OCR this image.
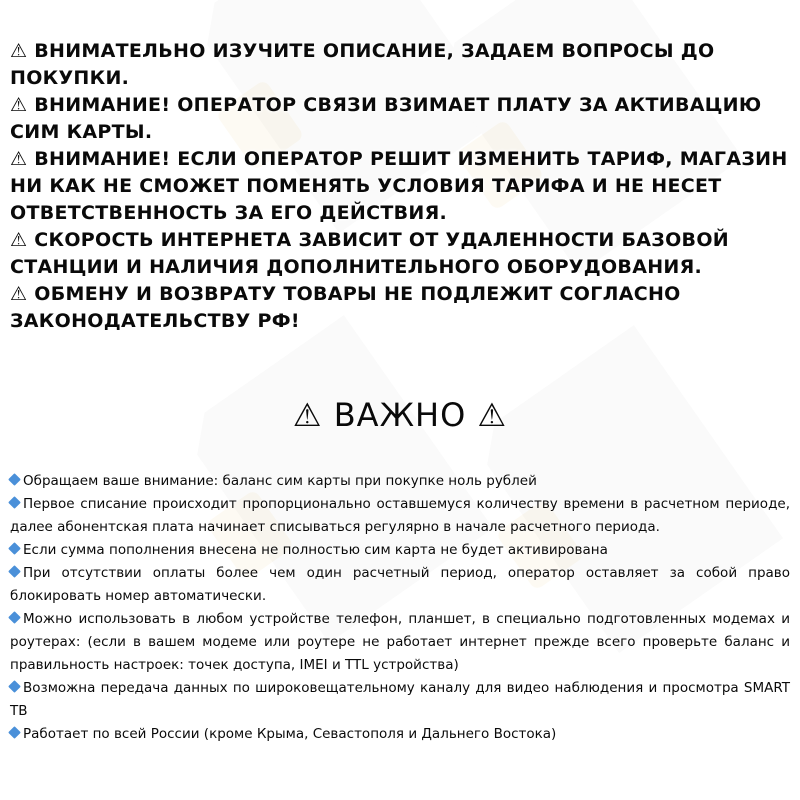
⚠ ВНИМАТЕЛЬНО ИЗУЧИТЕ ОПИСАНИЕ, ЗАДАЕМ ВОПРОСЫ ДО ПОКУПКИ.

⚠ ВНИМАНИЕ! ОПЕРАТОР СВЯЗИ ВЗИМАЕТ ПЛАТУ ЗА АКТИВАЦИЮ СИМ КАРТЫ.

⚠ ВНИМАНИЕ! ЕСЛИ ОПЕРАТОР РЕШИТ ИЗМЕНИТЬ ТАРИФ, МАГАЗИН НИ КАК НЕ СМОЖЕТ ПОМЕНЯТЬ УСЛОВИЯ ТАРИФА И НЕ НЕСЕТ ОТВЕТСТВЕННОСТЬ ЗА ЕГО ДЕЙСТВИЯ.

⚠ СКОРОСТЬ ИНТЕРНЕТА ЗАВИСИТ ОТ УДАЛЕННОСТИ БАЗОВОЙ СТАНЦИИ И НАЛИЧИЯ ДОПОЛНИТЕЛЬНОГО ОБОРУДОВАНИЯ.

⚠ ОБМЕНУ И ВОЗВРАТУ ТОВАРЫ НЕ ПОДЛЕЖИТ СОГЛАСНО ЗАКОНОДАТЕЛЬСТВУ РФ!

⚠ ВАЖНО ⚠

Обращаем ваше внимание: баланс сим карты при покупке ноль рублей

Первое списание происходит пропорционально оставшемуся количеству времени в расчетном периоде, далее абонентская плата начинает списываться регулярно в начале расчетного периода.

Если сумма пополнения внесена не полностью сим карта не будет активирована

При отсутствии оплаты более чем один расчетный период, оператор оставляет за собой право блокировать номер автоматически.

Можно использовать в любом устройстве телефон, планшет, в специально подготовленных модемах и роутерах: (если в вашем модеме или роутере не работает интернет прежде всего проверьте баланс и правильность настроек: точек доступа, IMEI и TTL устройства)

Возможна передача данных по широковещательному каналу для видео наблюдения и просмотра SMART TB

Работает по всей России (кроме Крыма, Севастополя и Дальнего Востока)
